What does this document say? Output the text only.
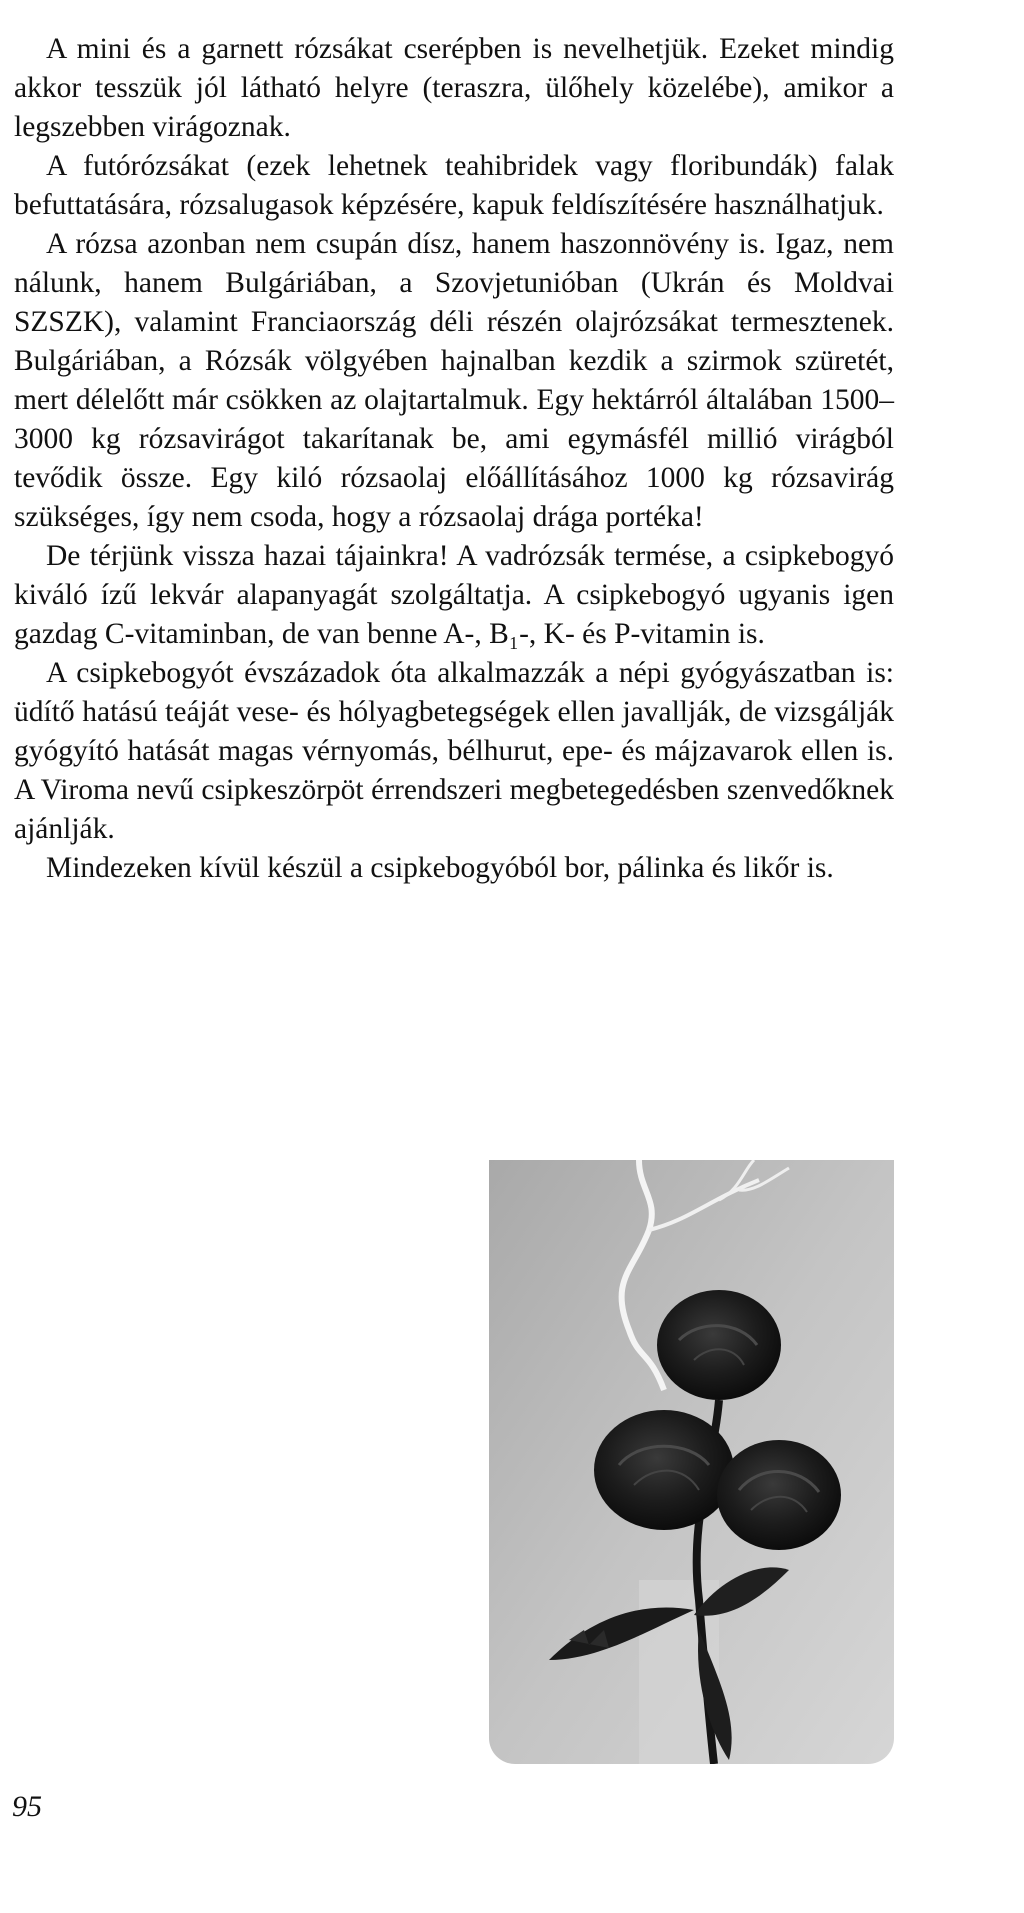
A mini és a garnett rózsákat cserépben is nevelhetjük. Ezeket mindig akkor tesszük jól látható helyre (teraszra, ülőhely közelébe), amikor a legszebben virágoznak.

A futórózsákat (ezek lehetnek teahibridek vagy floribundák) falak befuttatására, rózsalugasok képzésére, kapuk feldíszítésére használhatjuk.

A rózsa azonban nem csupán dísz, hanem haszonnövény is. Igaz, nem nálunk, hanem Bulgáriában, a Szovjetunióban (Ukrán és Moldvai SZSZK), valamint Franciaország déli részén olajrózsákat termesztenek. Bulgáriában, a Rózsák völgyében hajnalban kezdik a szirmok szüretét, mert délelőtt már csökken az olajtartalmuk. Egy hektárról általában 1500–3000 kg rózsavirágot takarítanak be, ami egymásfél millió virágból tevődik össze. Egy kiló rózsaolaj előállításához 1000 kg rózsavirág szükséges, így nem csoda, hogy a rózsaolaj drága portéka!

De térjünk vissza hazai tájainkra! A vadrózsák termése, a csipkebogyó kiváló ízű lekvár alapanyagát szolgáltatja. A csipkebogyó ugyanis igen gazdag C-vitaminban, de van benne A-, B₁-, K- és P-vitamin is.

A csipkebogyót évszázadok óta alkalmazzák a népi gyógyászatban is: üdítő hatású teáját vese- és hólyagbetegségek ellen javallják, de vizsgálják gyógyító hatását magas vérnyomás, bélhurut, epe- és májzavarok ellen is. A Viroma nevű csipkeszörpöt érrendszeri megbetegedésben szenvedőknek ajánlják.

Mindezeken kívül készül a csipkebogyóból bor, pálinka és likőr is.

95
